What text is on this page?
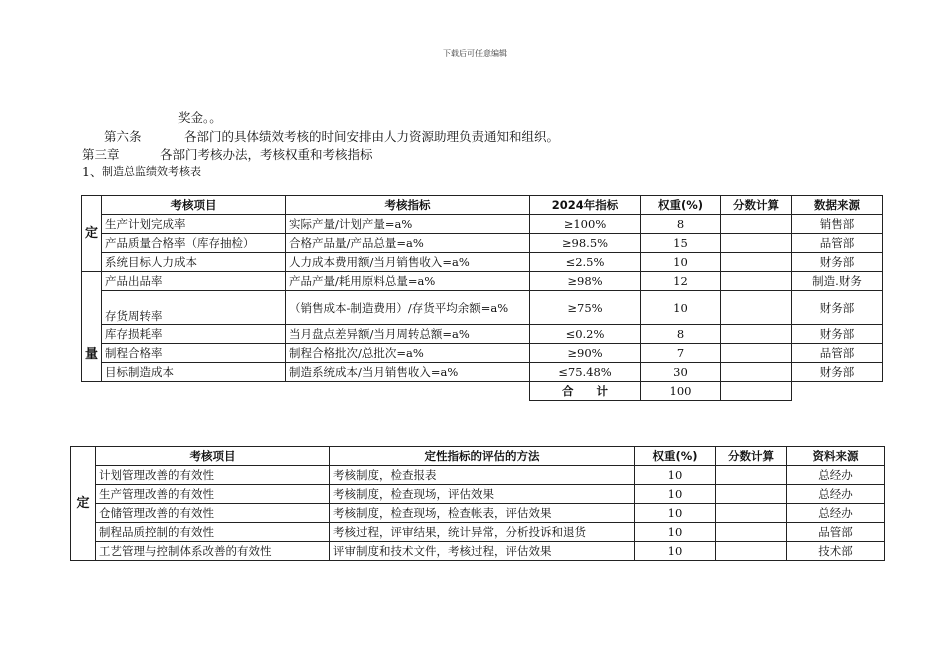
下载后可任意编辑
奖金。。
第六条	各部门的具体绩效考核的时间安排由人力资源助理负责通知和组织。
第三章	各部门考核办法，考核权重和考核指标
1、 制造总监绩效考核表
定	考核项目	考核指标	2024年指标	权重(%)	分数计算	数据来源
	生产计划完成率	实际产量/计划产量=a%	≥100%	8		销售部
	产品质量合格率（库存抽检）	合格产品量/产品总量=a%	≥98.5%	15		品管部
	系统目标人力成本	人力成本费用额/当月销售收入=a%	≤2.5%	10		财务部
量	产品出品率	产品产量/耗用原料总量=a%	≥98%	12		制造.财务
	存货周转率	（销售成本-制造费用）/存货平均余额=a%	≥75%	10		财务部
	库存损耗率	当月盘点差异额/当月周转总额=a%	≤0.2%	8		财务部
	制程合格率	制程合格批次/总批次=a%	≥90%	7		品管部
	目标制造成本	制造系统成本/当月销售收入=a%	≤75.48%	30		财务部
			合　　计	100		
定	考核项目	定性指标的评估的方法	权重(%)	分数计算	资料来源
	计划管理改善的有效性	考核制度，检查报表	10		总经办
	生产管理改善的有效性	考核制度，检查现场，评估效果	10		总经办
	仓储管理改善的有效性	考核制度，检查现场，检查帐表，评估效果	10		总经办
	制程品质控制的有效性	考核过程，评审结果，统计异常，分析投诉和退货	10		品管部
	工艺管理与控制体系改善的有效性	评审制度和技术文件，考核过程，评估效果	10		技术部
